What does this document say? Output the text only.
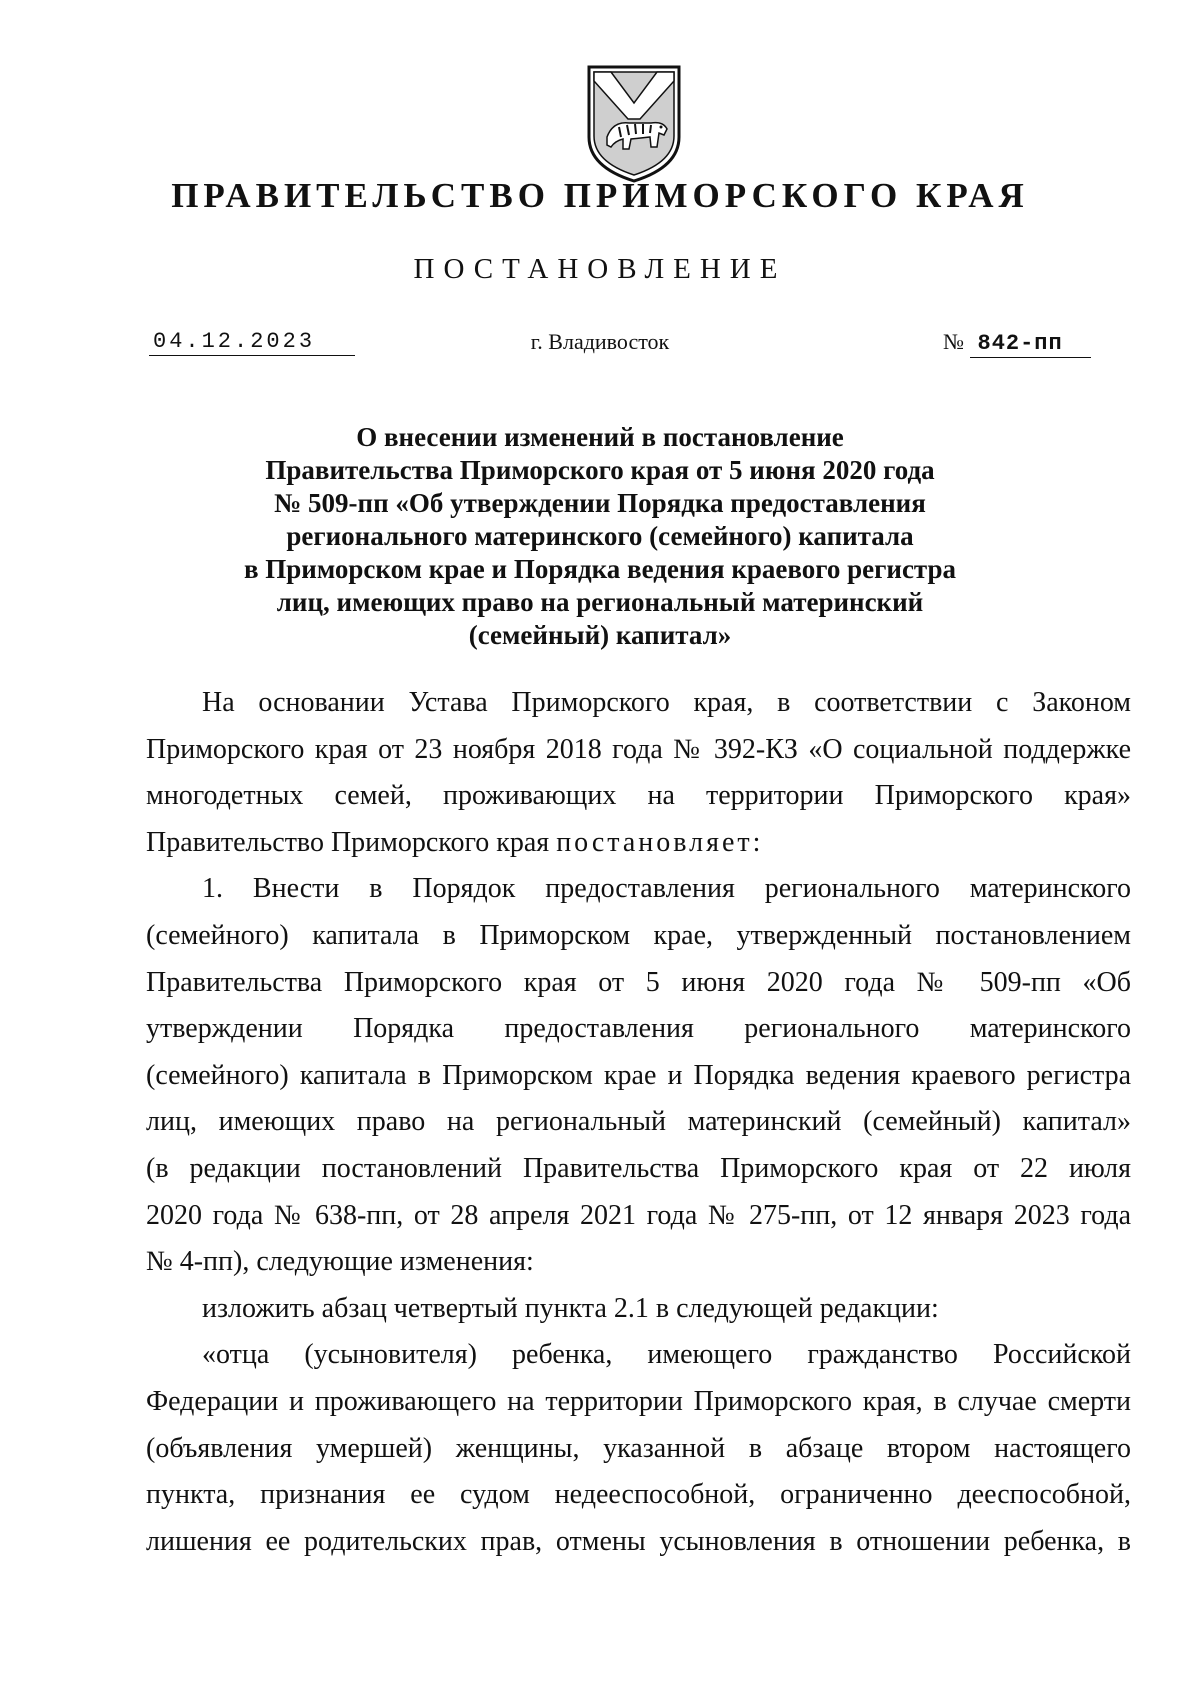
ПРАВИТЕЛЬСТВО ПРИМОРСКОГО КРАЯ
ПОСТАНОВЛЕНИЕ
04.12.2023	г. Владивосток	№ 842-пп
О внесении изменений в постановление
Правительства Приморского края от 5 июня 2020 года
№ 509-пп «Об утверждении Порядка предоставления
регионального материнского (семейного) капитала
в Приморском крае и Порядка ведения краевого регистра
лиц, имеющих право на региональный материнский
(семейный) капитал»

На основании Устава Приморского края, в соответствии с Законом
Приморского края от 23 ноября 2018 года № 392-КЗ «О социальной поддержке
многодетных семей, проживающих на территории Приморского края»
Правительство Приморского края постановляет:

1. Внести в Порядок предоставления регионального материнского
(семейного) капитала в Приморском крае, утвержденный постановлением
Правительства Приморского края от 5 июня 2020 года № 509-пп «Об
утверждении Порядка предоставления регионального материнского
(семейного) капитала в Приморском крае и Порядка ведения краевого регистра
лиц, имеющих право на региональный материнский (семейный) капитал»
(в редакции постановлений Правительства Приморского края от 22 июля
2020 года № 638-пп, от 28 апреля 2021 года № 275-пп, от 12 января 2023 года
№ 4-пп), следующие изменения:

изложить абзац четвертый пункта 2.1 в следующей редакции:

«отца (усыновителя) ребенка, имеющего гражданство Российской
Федерации и проживающего на территории Приморского края, в случае смерти
(объявления умершей) женщины, указанной в абзаце втором настоящего
пункта, признания ее судом недееспособной, ограниченно дееспособной,
лишения ее родительских прав, отмены усыновления в отношении ребенка, в
